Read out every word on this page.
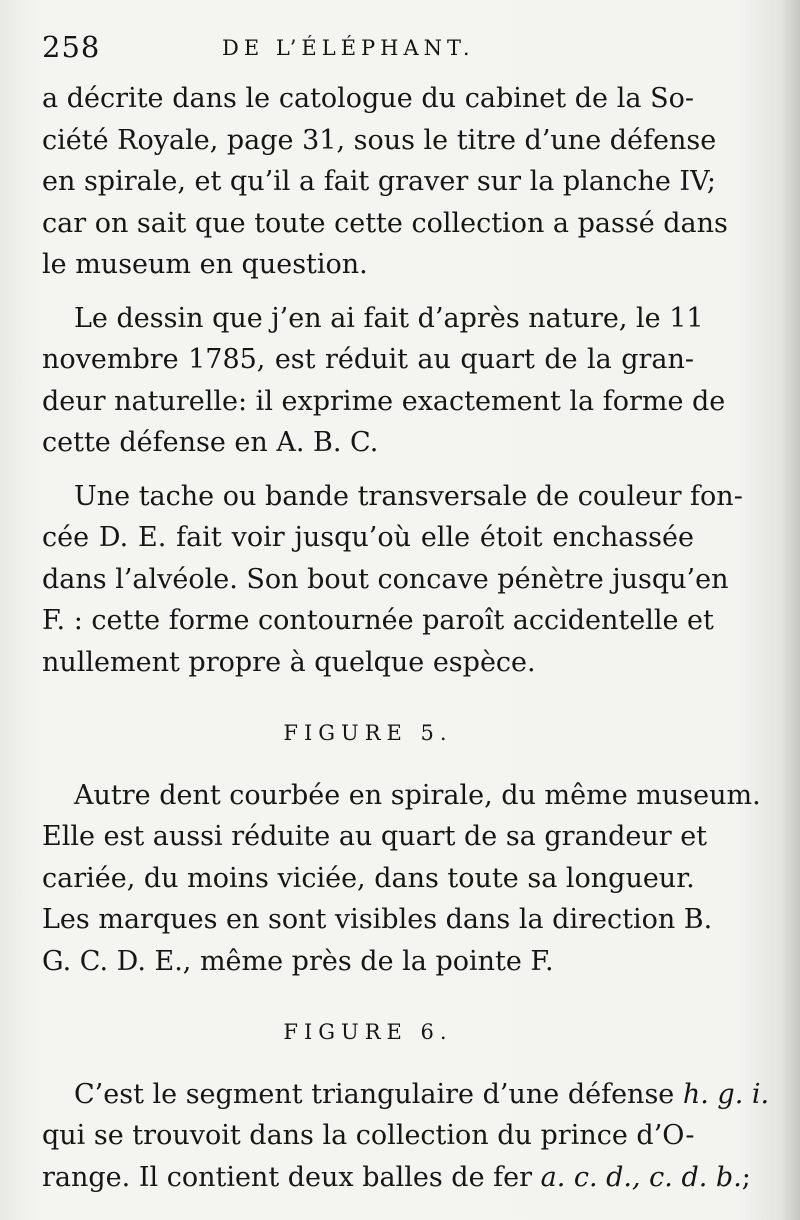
258	DE L’ÉLÉPHANT.
a décrite dans le catologue du cabinet de la So-
ciété Royale, page 31, sous le titre d’une défense
en spirale, et qu’il a fait graver sur la planche IV;
car on sait que toute cette collection a passé dans
le museum en question.
Le dessin que j’en ai fait d’après nature, le 11
novembre 1785, est réduit au quart de la gran-
deur naturelle: il exprime exactement la forme de
cette défense en A. B. C.
Une tache ou bande transversale de couleur fon-
cée D. E. fait voir jusqu’où elle étoit enchassée
dans l’alvéole. Son bout concave pénètre jusqu’en
F. : cette forme contournée paroît accidentelle et
nullement propre à quelque espèce.
FIGURE 5.
Autre dent courbée en spirale, du même museum.
Elle est aussi réduite au quart de sa grandeur et
cariée, du moins viciée, dans toute sa longueur.
Les marques en sont visibles dans la direction B.
G. C. D. E., même près de la pointe F.
FIGURE 6.
C’est le segment triangulaire d’une défense h. g. i.
qui se trouvoit dans la collection du prince d’O-
range. Il contient deux balles de fer a. c. d., c. d. b.;
